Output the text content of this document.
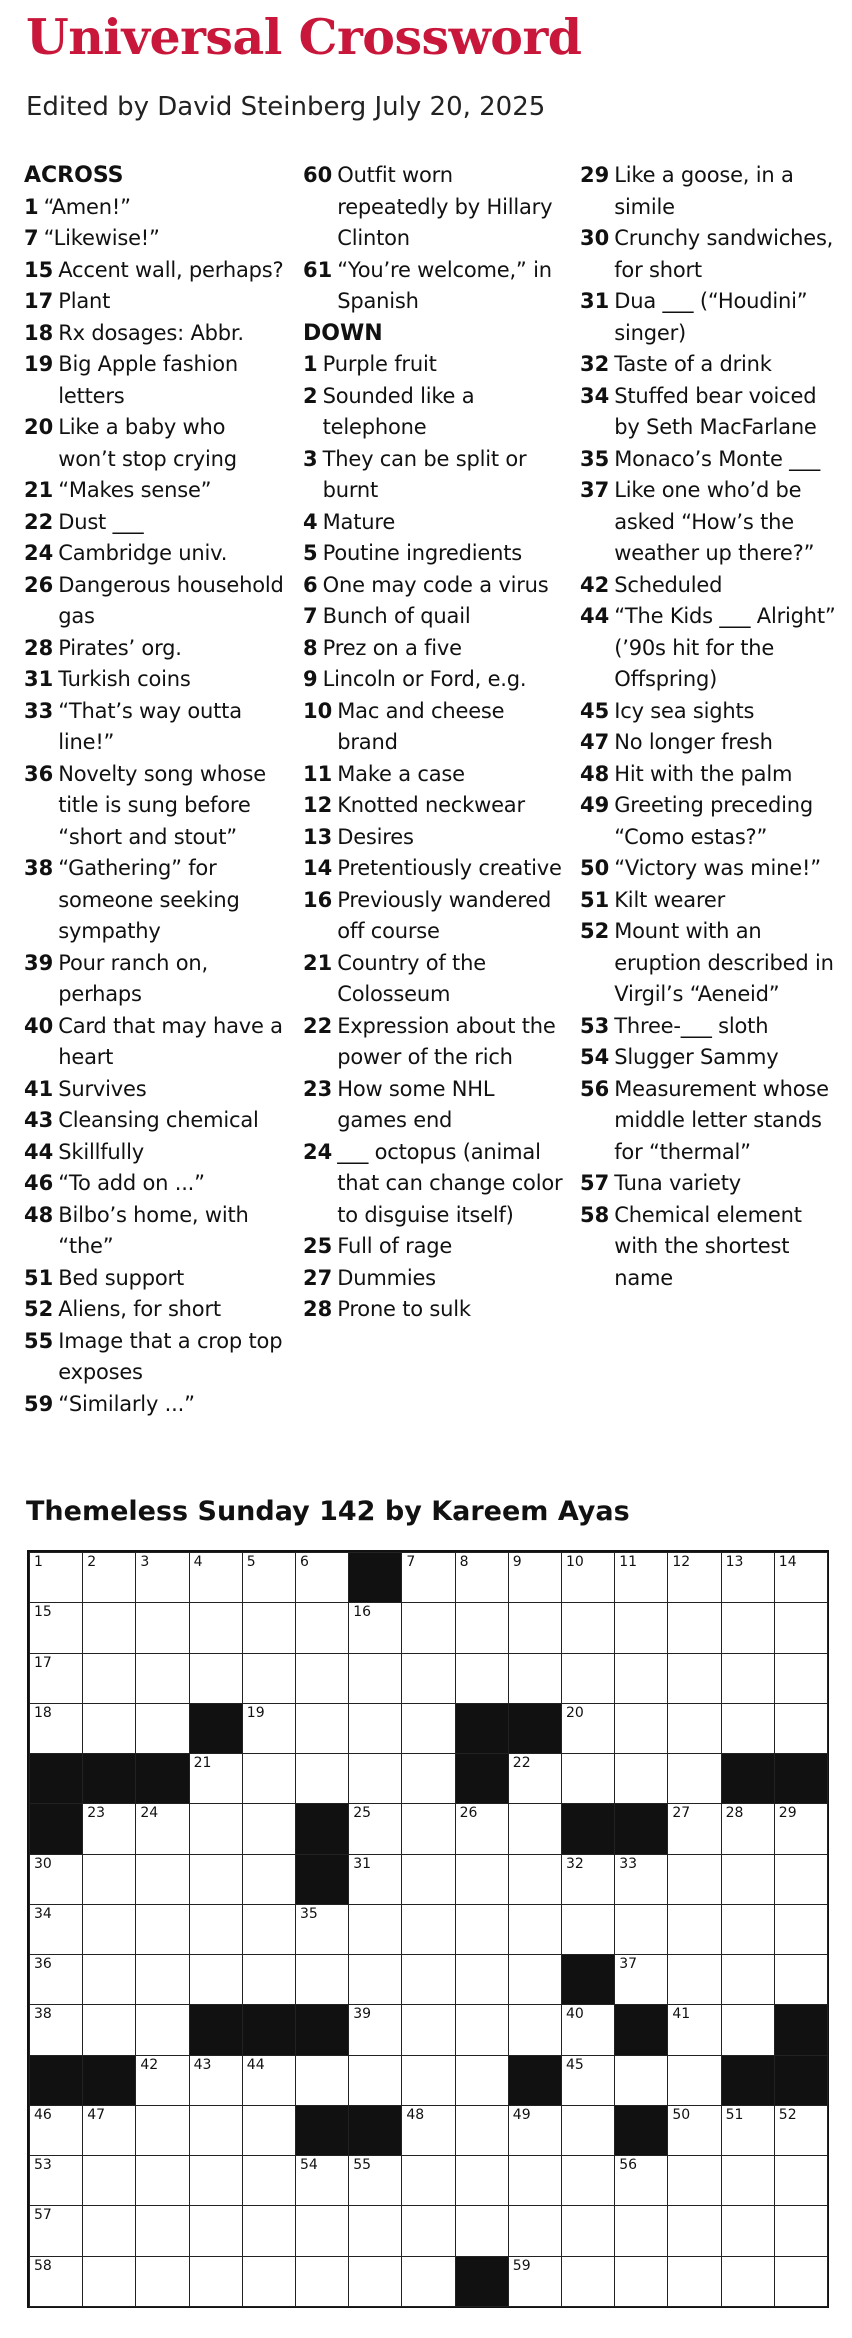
Universal Crossword
Edited by David Steinberg July 20, 2025
ACROSS
1 “Amen!”
7 “Likewise!”
15 Accent wall, perhaps?
17 Plant
18 Rx dosages: Abbr.
19 Big Apple fashion letters
20 Like a baby who won’t stop crying
21 “Makes sense”
22 Dust ___
24 Cambridge univ.
26 Dangerous household gas
28 Pirates’ org.
31 Turkish coins
33 “That’s way outta line!”
36 Novelty song whose title is sung before “short and stout”
38 “Gathering” for someone seeking sympathy
39 Pour ranch on, perhaps
40 Card that may have a heart
41 Survives
43 Cleansing chemical
44 Skillfully
46 “To add on ...”
48 Bilbo’s home, with “the”
51 Bed support
52 Aliens, for short
55 Image that a crop top exposes
59 “Similarly ...”
60 Outfit worn repeatedly by Hillary Clinton
61 “You’re welcome,” in Spanish
DOWN
1 Purple fruit
2 Sounded like a telephone
3 They can be split or burnt
4 Mature
5 Poutine ingredients
6 One may code a virus
7 Bunch of quail
8 Prez on a five
9 Lincoln or Ford, e.g.
10 Mac and cheese brand
11 Make a case
12 Knotted neckwear
13 Desires
14 Pretentiously creative
16 Previously wandered off course
21 Country of the Colosseum
22 Expression about the power of the rich
23 How some NHL games end
24 ___ octopus (animal that can change color to disguise itself)
25 Full of rage
27 Dummies
28 Prone to sulk
29 Like a goose, in a simile
30 Crunchy sandwiches, for short
31 Dua ___ (“Houdini” singer)
32 Taste of a drink
34 Stuffed bear voiced by Seth MacFarlane
35 Monaco’s Monte ___
37 Like one who’d be asked “How’s the weather up there?”
42 Scheduled
44 “The Kids ___ Alright” (’90s hit for the Offspring)
45 Icy sea sights
47 No longer fresh
48 Hit with the palm
49 Greeting preceding “Como estas?”
50 “Victory was mine!”
51 Kilt wearer
52 Mount with an eruption described in Virgil’s “Aeneid”
53 Three-___ sloth
54 Slugger Sammy
56 Measurement whose middle letter stands for “thermal”
57 Tuna variety
58 Chemical element with the shortest name
Themeless Sunday 142 by Kareem Ayas
1	2	3	4	5	6	7	8	9	10	11	12	13	14
15	16
17
18	19	20
21	22
23	24	25	26	27	28	29
30	31	32	33
34	35
36	37
38	39	40	41
42	43	44	45
46	47	48	49	50	51	52
53	54	55	56
57
58	59
